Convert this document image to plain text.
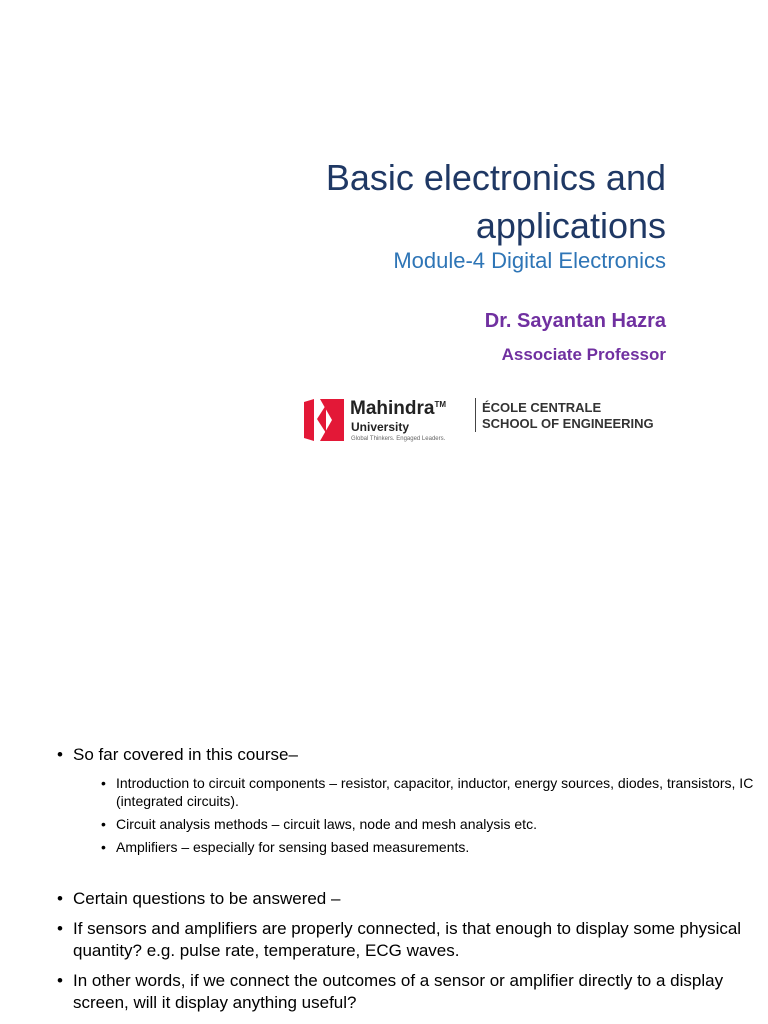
Basic electronics and
applications
Module-4 Digital Electronics
Dr. Sayantan Hazra
Associate Professor
Mahindra™
University
Global Thinkers. Engaged Leaders.
ÉCOLE CENTRALE
SCHOOL OF ENGINEERING
• So far covered in this course–
• Introduction to circuit components – resistor, capacitor, inductor, energy sources, diodes, transistors, IC (integrated circuits).
• Circuit analysis methods – circuit laws, node and mesh analysis etc.
• Amplifiers – especially for sensing based measurements.
• Certain questions to be answered –
• If sensors and amplifiers are properly connected, is that enough to display some physical quantity? e.g. pulse rate, temperature, ECG waves.
• In other words, if we connect the outcomes of a sensor or amplifier directly to a display screen, will it display anything useful?
